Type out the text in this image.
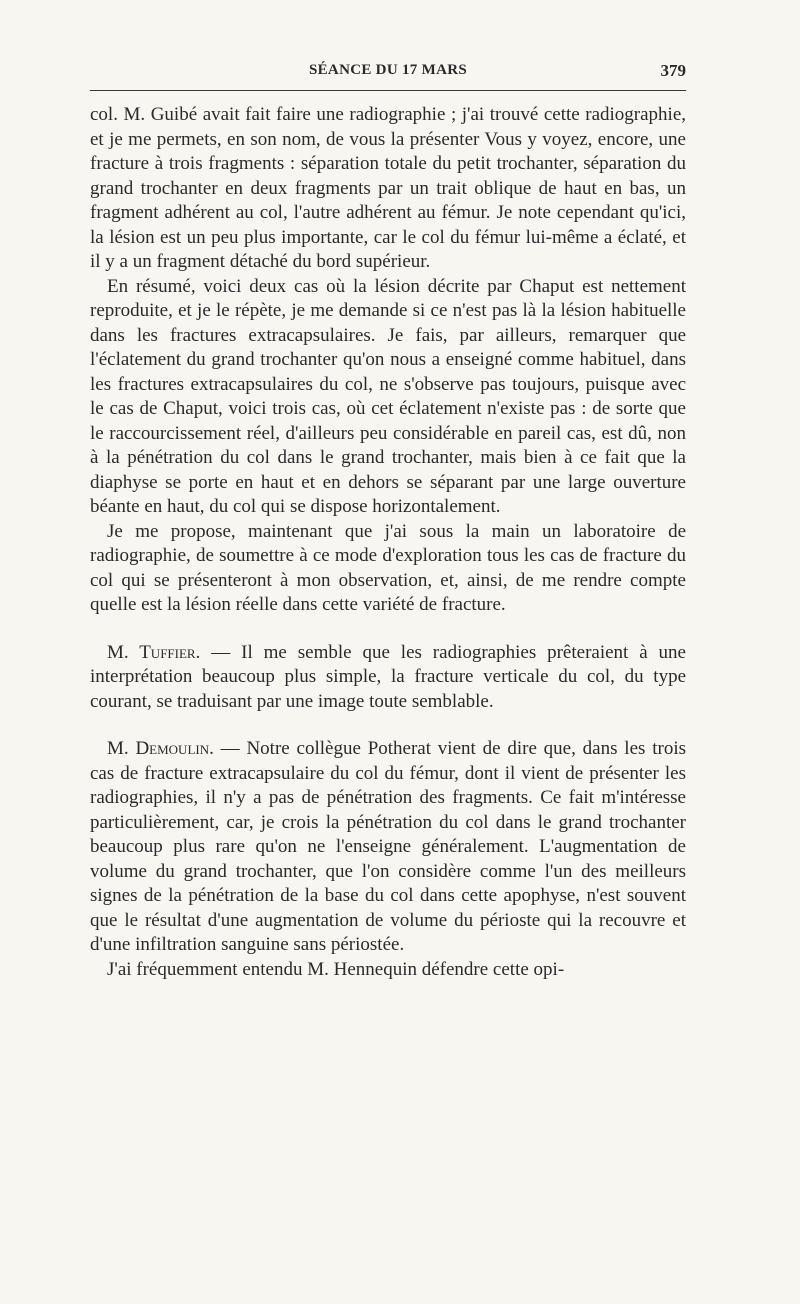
SÉANCE DU 17 MARS	379

col. M. Guibé avait fait faire une radiographie ; j'ai trouvé cette radiographie, et je me permets, en son nom, de vous la présenter Vous y voyez, encore, une fracture à trois fragments : séparation totale du petit trochanter, séparation du grand trochanter en deux fragments par un trait oblique de haut en bas, un fragment adhérent au col, l'autre adhérent au fémur. Je note cependant qu'ici, la lésion est un peu plus importante, car le col du fémur lui-même a éclaté, et il y a un fragment détaché du bord supérieur.

En résumé, voici deux cas où la lésion décrite par Chaput est nettement reproduite, et je le répète, je me demande si ce n'est pas là la lésion habituelle dans les fractures extracapsulaires. Je fais, par ailleurs, remarquer que l'éclatement du grand trochanter qu'on nous a enseigné comme habituel, dans les fractures extracapsulaires du col, ne s'observe pas toujours, puisque avec le cas de Chaput, voici trois cas, où cet éclatement n'existe pas : de sorte que le raccourcissement réel, d'ailleurs peu considérable en pareil cas, est dû, non à la pénétration du col dans le grand trochanter, mais bien à ce fait que la diaphyse se porte en haut et en dehors se séparant par une large ouverture béante en haut, du col qui se dispose horizontalement.

Je me propose, maintenant que j'ai sous la main un laboratoire de radiographie, de soumettre à ce mode d'exploration tous les cas de fracture du col qui se présenteront à mon observation, et, ainsi, de me rendre compte quelle est la lésion réelle dans cette variété de fracture.

M. Tuffier. — Il me semble que les radiographies prêteraient à une interprétation beaucoup plus simple, la fracture verticale du col, du type courant, se traduisant par une image toute semblable.

M. Demoulin. — Notre collègue Potherat vient de dire que, dans les trois cas de fracture extracapsulaire du col du fémur, dont il vient de présenter les radiographies, il n'y a pas de pénétration des fragments. Ce fait m'intéresse particulièrement, car, je crois la pénétration du col dans le grand trochanter beaucoup plus rare qu'on ne l'enseigne généralement. L'augmentation de volume du grand trochanter, que l'on considère comme l'un des meilleurs signes de la pénétration de la base du col dans cette apophyse, n'est souvent que le résultat d'une augmentation de volume du périoste qui la recouvre et d'une infiltration sanguine sans périostée.

J'ai fréquemment entendu M. Hennequin défendre cette opi-
